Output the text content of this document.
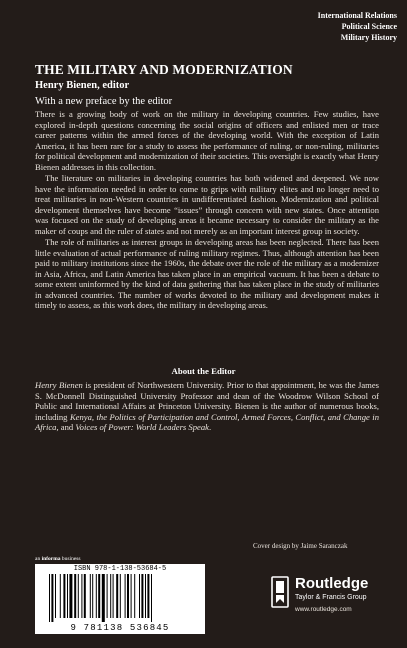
International Relations
Political Science
Military History
THE MILITARY AND MODERNIZATION
Henry Bienen, editor
With a new preface by the editor

There is a growing body of work on the military in developing countries. Few studies, have explored in-depth questions concerning the social origins of officers and enlisted men or trace career patterns within the armed forces of the developing world. With the exception of Latin America, it has been rare for a study to assess the performance of ruling, or non-ruling, militaries for political development and modernization of their societies. This oversight is exactly what Henry Bienen addresses in this collection.

The literature on militaries in developing countries has both widened and deepened. We now have the information needed in order to come to grips with military elites and no longer need to treat militaries in non-Western countries in undifferentiated fashion. Modernization and political development themselves have become “issues” through concern with new states. Once attention was focused on the study of developing areas it became necessary to consider the military as the maker of coups and the ruler of states and not merely as an important interest group in society.

The role of militaries as interest groups in developing areas has been neglected. There has been little evaluation of actual performance of ruling military regimes. Thus, although attention has been paid to military institutions since the 1960s, the debate over the role of the military as a modernizer in Asia, Africa, and Latin America has taken place in an empirical vacuum. It has been a debate to some extent uninformed by the kind of data gathering that has taken place in the study of militaries in advanced countries. The number of works devoted to the military and development makes it timely to assess, as this work does, the military in developing areas.

About the Editor

Henry Bienen is president of Northwestern University. Prior to that appointment, he was the James S. McDonnell Distinguished University Professor and dean of the Woodrow Wilson School of Public and International Affairs at Princeton University. Bienen is the author of numerous books, including Kenya, the Politics of Participation and Control, Armed Forces, Conflict, and Change in Africa, and Voices of Power: World Leaders Speak.

Cover design by Jaime Saranczak
an informa business
ISBN 978-1-138-53684-5
9 781138 536845
Routledge
Taylor & Francis Group
www.routledge.com
